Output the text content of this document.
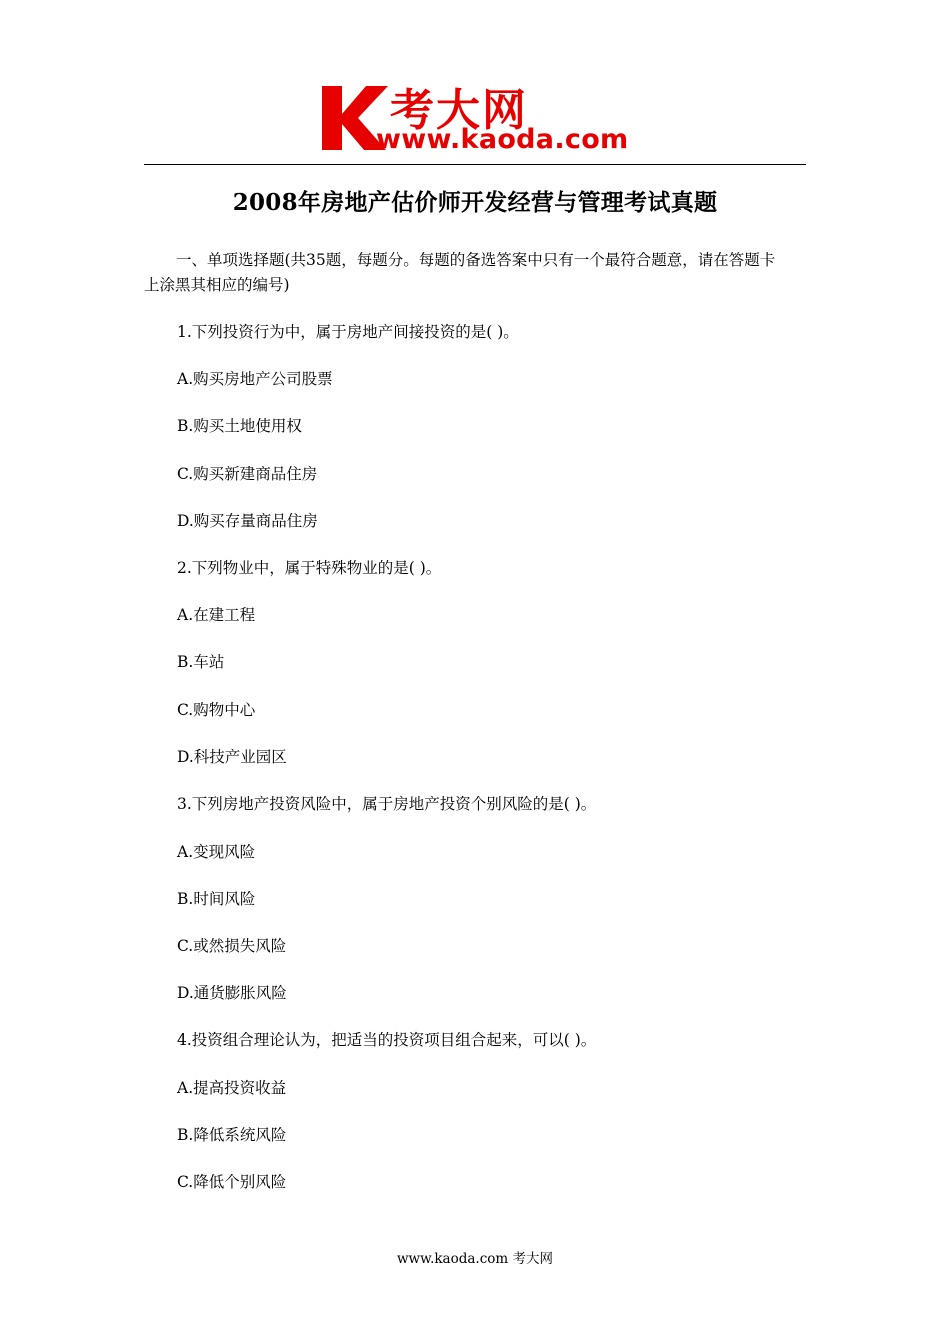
考大网
www.kaoda.com
2008年房地产估价师开发经营与管理考试真题
一、单项选择题(共35题，每题分。每题的备选答案中只有一个最符合题意，请在答题卡
上涂黑其相应的编号)
1.下列投资行为中，属于房地产间接投资的是( )。
A.购买房地产公司股票
B.购买土地使用权
C.购买新建商品住房
D.购买存量商品住房
2.下列物业中，属于特殊物业的是( )。
A.在建工程
B.车站
C.购物中心
D.科技产业园区
3.下列房地产投资风险中，属于房地产投资个别风险的是( )。
A.变现风险
B.时间风险
C.或然损失风险
D.通货膨胀风险
4.投资组合理论认为，把适当的投资项目组合起来，可以( )。
A.提高投资收益
B.降低系统风险
C.降低个别风险
www.kaoda.com 考大网
